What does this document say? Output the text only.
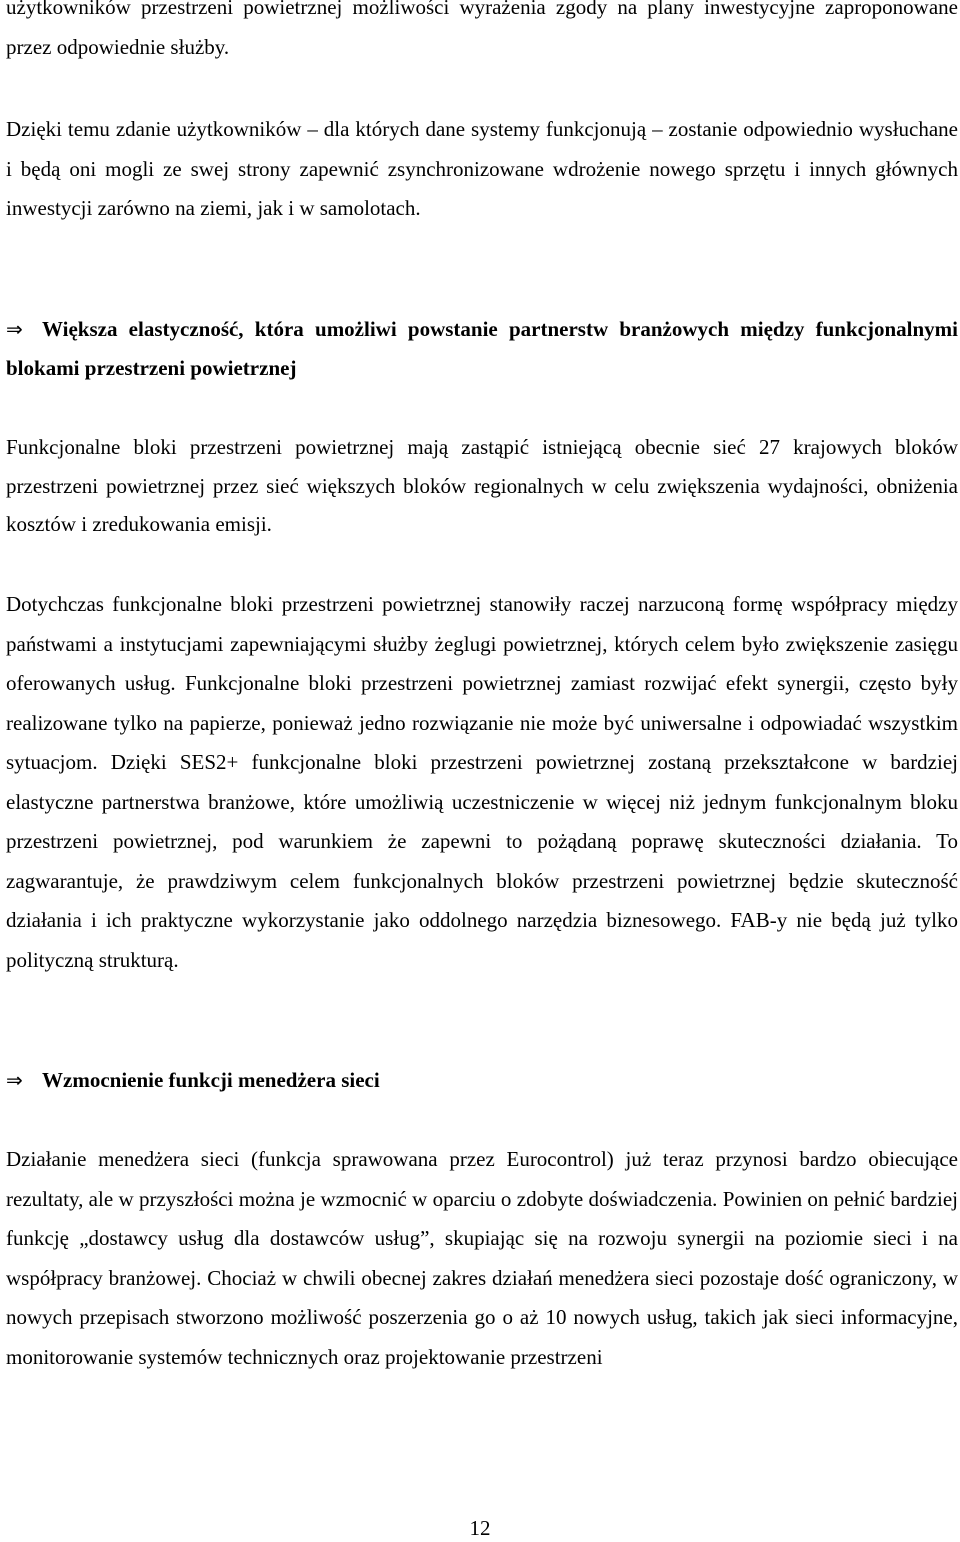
użytkowników przestrzeni powietrznej możliwości wyrażenia zgody na plany inwestycyjne zaproponowane przez odpowiednie służby.

Dzięki temu zdanie użytkowników – dla których dane systemy funkcjonują – zostanie odpowiednio wysłuchane i będą oni mogli ze swej strony zapewnić zsynchronizowane wdrożenie nowego sprzętu i innych głównych inwestycji zarówno na ziemi, jak i w samolotach.

⇒ Większa elastyczność, która umożliwi powstanie partnerstw branżowych między funkcjonalnymi blokami przestrzeni powietrznej

Funkcjonalne bloki przestrzeni powietrznej mają zastąpić istniejącą obecnie sieć 27 krajowych bloków przestrzeni powietrznej przez sieć większych bloków regionalnych w celu zwiększenia wydajności, obniżenia kosztów i zredukowania emisji.

Dotychczas funkcjonalne bloki przestrzeni powietrznej stanowiły raczej narzuconą formę współpracy między państwami a instytucjami zapewniającymi służby żeglugi powietrznej, których celem było zwiększenie zasięgu oferowanych usług. Funkcjonalne bloki przestrzeni powietrznej zamiast rozwijać efekt synergii, często były realizowane tylko na papierze, ponieważ jedno rozwiązanie nie może być uniwersalne i odpowiadać wszystkim sytuacjom. Dzięki SES2+ funkcjonalne bloki przestrzeni powietrznej zostaną przekształcone w bardziej elastyczne partnerstwa branżowe, które umożliwią uczestniczenie w więcej niż jednym funkcjonalnym bloku przestrzeni powietrznej, pod warunkiem że zapewni to pożądaną poprawę skuteczności działania. To zagwarantuje, że prawdziwym celem funkcjonalnych bloków przestrzeni powietrznej będzie skuteczność działania i ich praktyczne wykorzystanie jako oddolnego narzędzia biznesowego. FAB-y nie będą już tylko polityczną strukturą.

⇒ Wzmocnienie funkcji menedżera sieci

Działanie menedżera sieci (funkcja sprawowana przez Eurocontrol) już teraz przynosi bardzo obiecujące rezultaty, ale w przyszłości można je wzmocnić w oparciu o zdobyte doświadczenia. Powinien on pełnić bardziej funkcję „dostawcy usług dla dostawców usług”, skupiając się na rozwoju synergii na poziomie sieci i na współpracy branżowej. Chociaż w chwili obecnej zakres działań menedżera sieci pozostaje dość ograniczony, w nowych przepisach stworzono możliwość poszerzenia go o aż 10 nowych usług, takich jak sieci informacyjne, monitorowanie systemów technicznych oraz projektowanie przestrzeni

12
